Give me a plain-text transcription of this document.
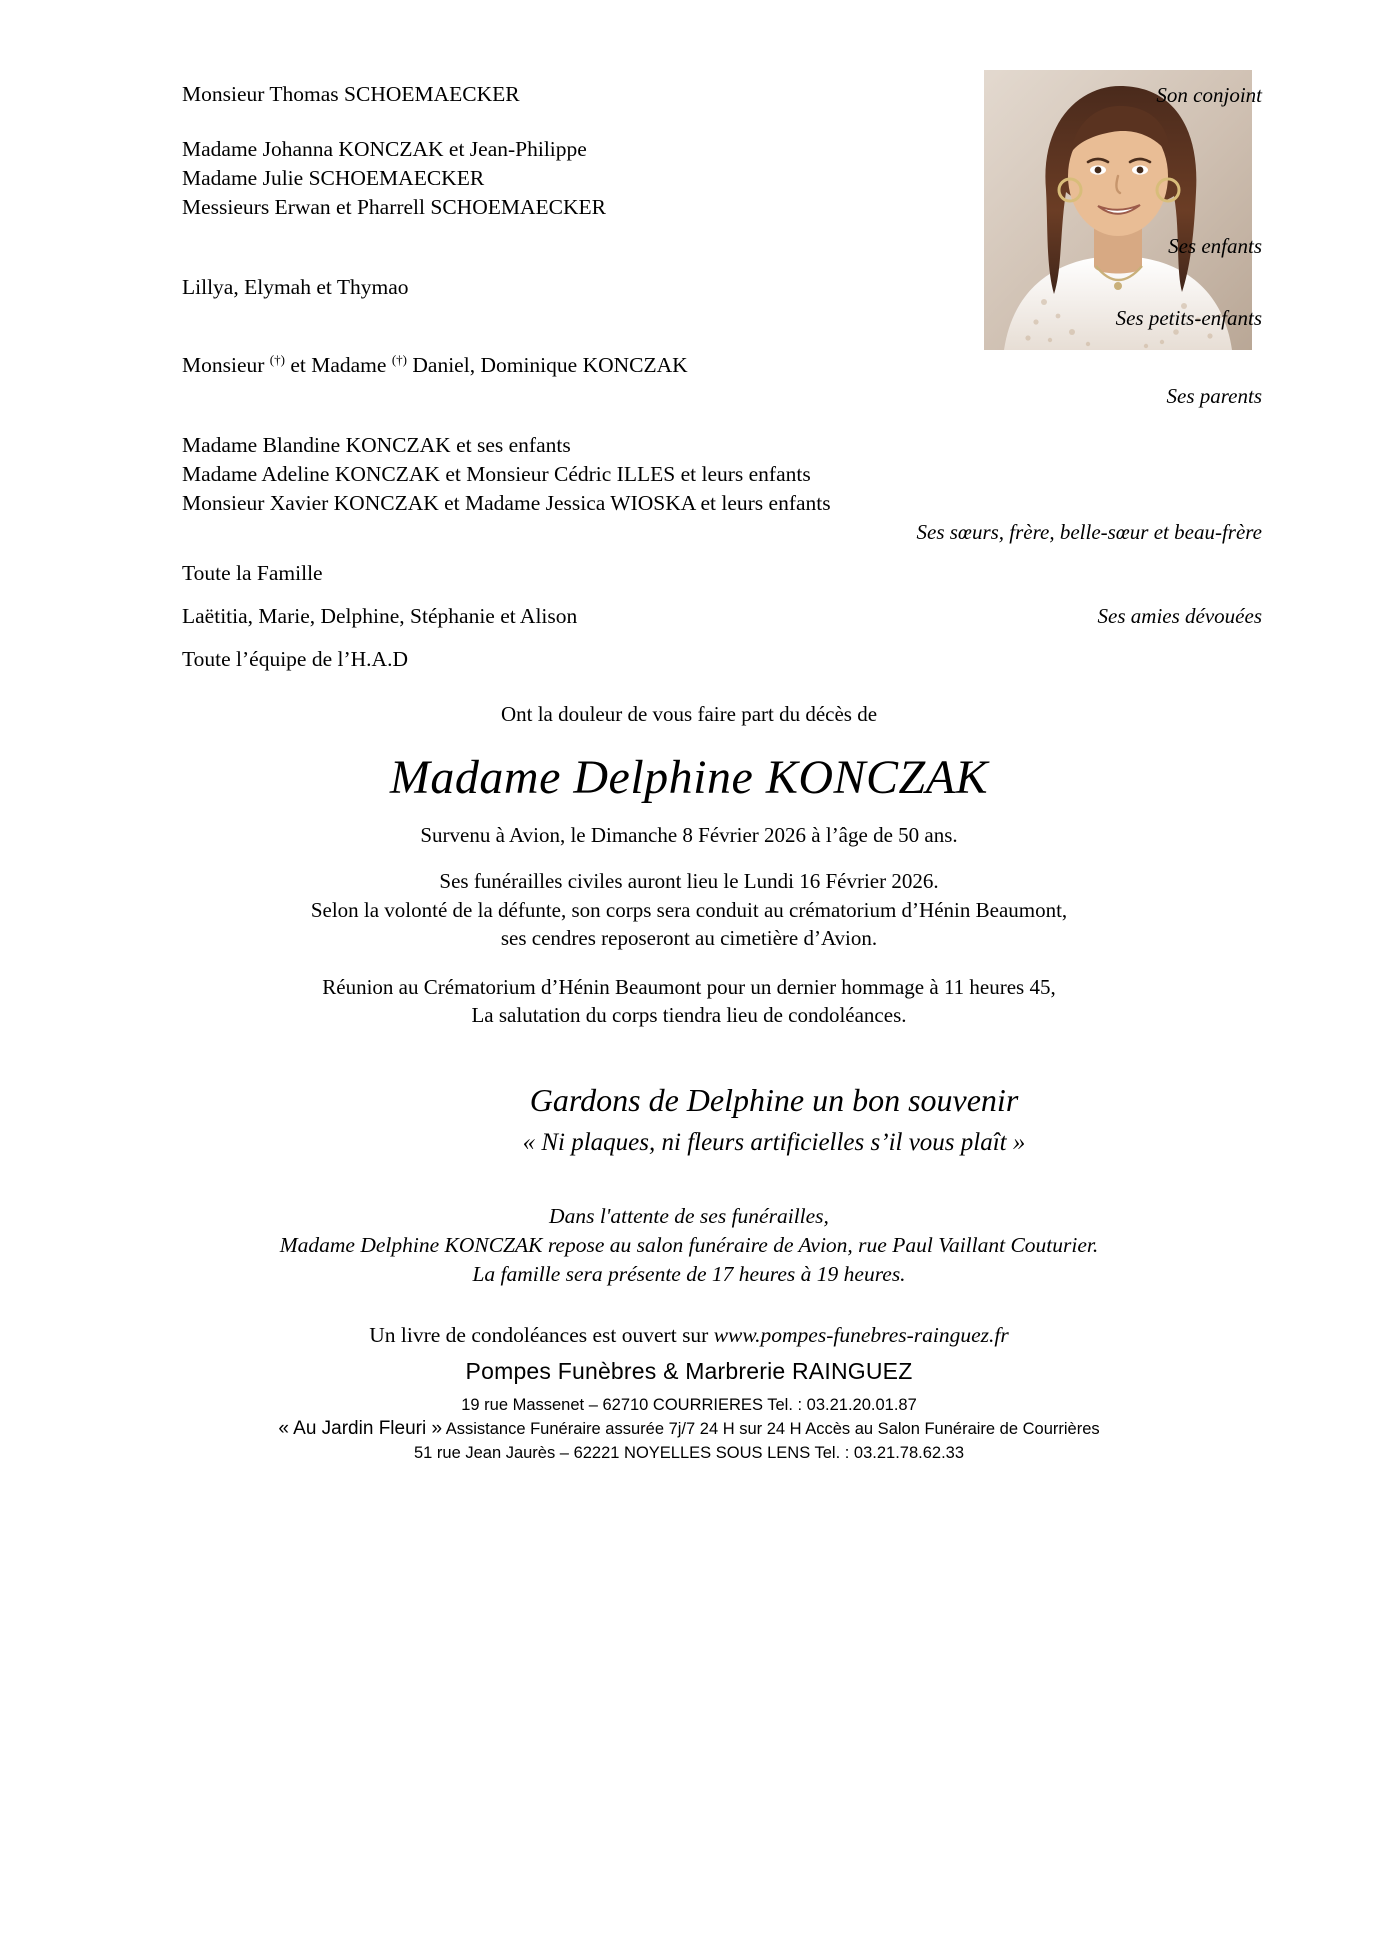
Monsieur Thomas SCHOEMAECKER	Son conjoint
Madame Johanna KONCZAK et Jean-Philippe
Madame Julie SCHOEMAECKER
Messieurs Erwan et Pharrell SCHOEMAECKER
Ses enfants
Lillya, Elymah et Thymao
Ses petits-enfants
Monsieur (†) et Madame (†) Daniel, Dominique KONCZAK
Ses parents
Madame Blandine KONCZAK et ses enfants
Madame Adeline KONCZAK et Monsieur Cédric ILLES et leurs enfants
Monsieur Xavier KONCZAK et Madame Jessica WIOSKA et leurs enfants
Ses sœurs, frère, belle-sœur et beau-frère
Toute la Famille
Laëtitia, Marie, Delphine, Stéphanie et Alison	Ses amies dévouées
Toute l’équipe de l’H.A.D
Ont la douleur de vous faire part du décès de
Madame Delphine KONCZAK
Survenu à Avion, le Dimanche 8 Février 2026 à l’âge de 50 ans.
Ses funérailles civiles auront lieu le Lundi 16 Février 2026.
Selon la volonté de la défunte, son corps sera conduit au crématorium d’Hénin Beaumont,
ses cendres reposeront au cimetière d’Avion.
Réunion au Crématorium d’Hénin Beaumont pour un dernier hommage à 11 heures 45,
La salutation du corps tiendra lieu de condoléances.
Gardons de Delphine un bon souvenir
« Ni plaques, ni fleurs artificielles s’il vous plaît »
Dans l'attente de ses funérailles,
Madame Delphine KONCZAK repose au salon funéraire de Avion, rue Paul Vaillant Couturier.
La famille sera présente de 17 heures à 19 heures.
Un livre de condoléances est ouvert sur www.pompes-funebres-rainguez.fr
Pompes Funèbres & Marbrerie RAINGUEZ
19 rue Massenet – 62710 COURRIERES Tel. : 03.21.20.01.87
« Au Jardin Fleuri » Assistance Funéraire assurée 7j/7 24 H sur 24 H Accès au Salon Funéraire de Courrières
51 rue Jean Jaurès – 62221 NOYELLES SOUS LENS Tel. : 03.21.78.62.33
